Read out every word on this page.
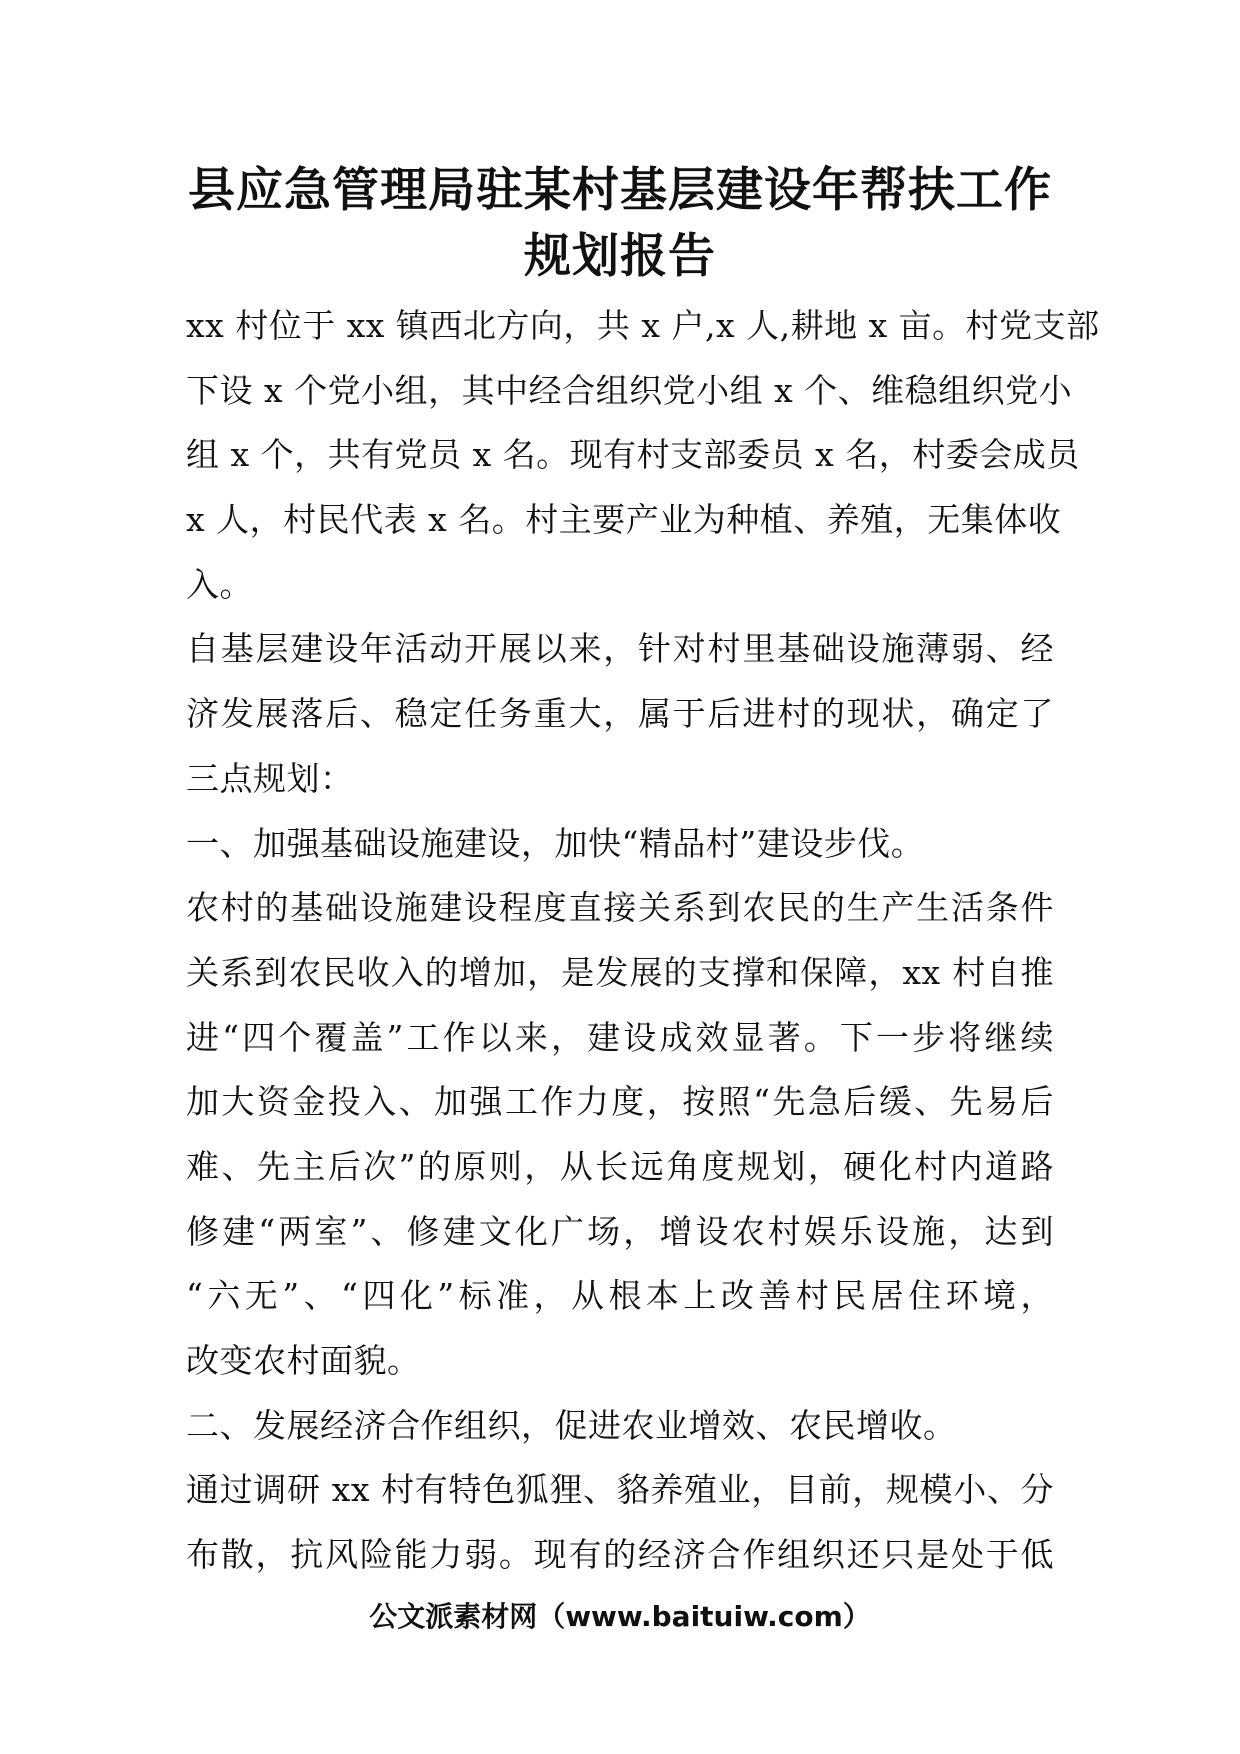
县应急管理局驻某村基层建设年帮扶工作
规划报告
xx 村位于 xx 镇西北方向，共 x 户,x 人,耕地 x 亩。村党支部
下设 x 个党小组，其中经合组织党小组 x 个、维稳组织党小
组 x 个，共有党员 x 名。现有村支部委员 x 名，村委会成员
x 人，村民代表 x 名。村主要产业为种植、养殖，无集体收
入。
自基层建设年活动开展以来，针对村里基础设施薄弱、经
济发展落后、稳定任务重大，属于后进村的现状，确定了
三点规划：
一、加强基础设施建设，加快“精品村”建设步伐。
农村的基础设施建设程度直接关系到农民的生产生活条件
关系到农民收入的增加，是发展的支撑和保障，xx 村自推
进“四个覆盖”工作以来，建设成效显著。下一步将继续
加大资金投入、加强工作力度，按照“先急后缓、先易后
难、先主后次”的原则，从长远角度规划，硬化村内道路
修建“两室”、修建文化广场，增设农村娱乐设施，达到
“六无”、“四化”标准，从根本上改善村民居住环境，
改变农村面貌。
二、发展经济合作组织，促进农业增效、农民增收。
通过调研 xx 村有特色狐狸、貉养殖业，目前，规模小、分
布散，抗风险能力弱。现有的经济合作组织还只是处于低
公文派素材网（www.baituiw.com）
